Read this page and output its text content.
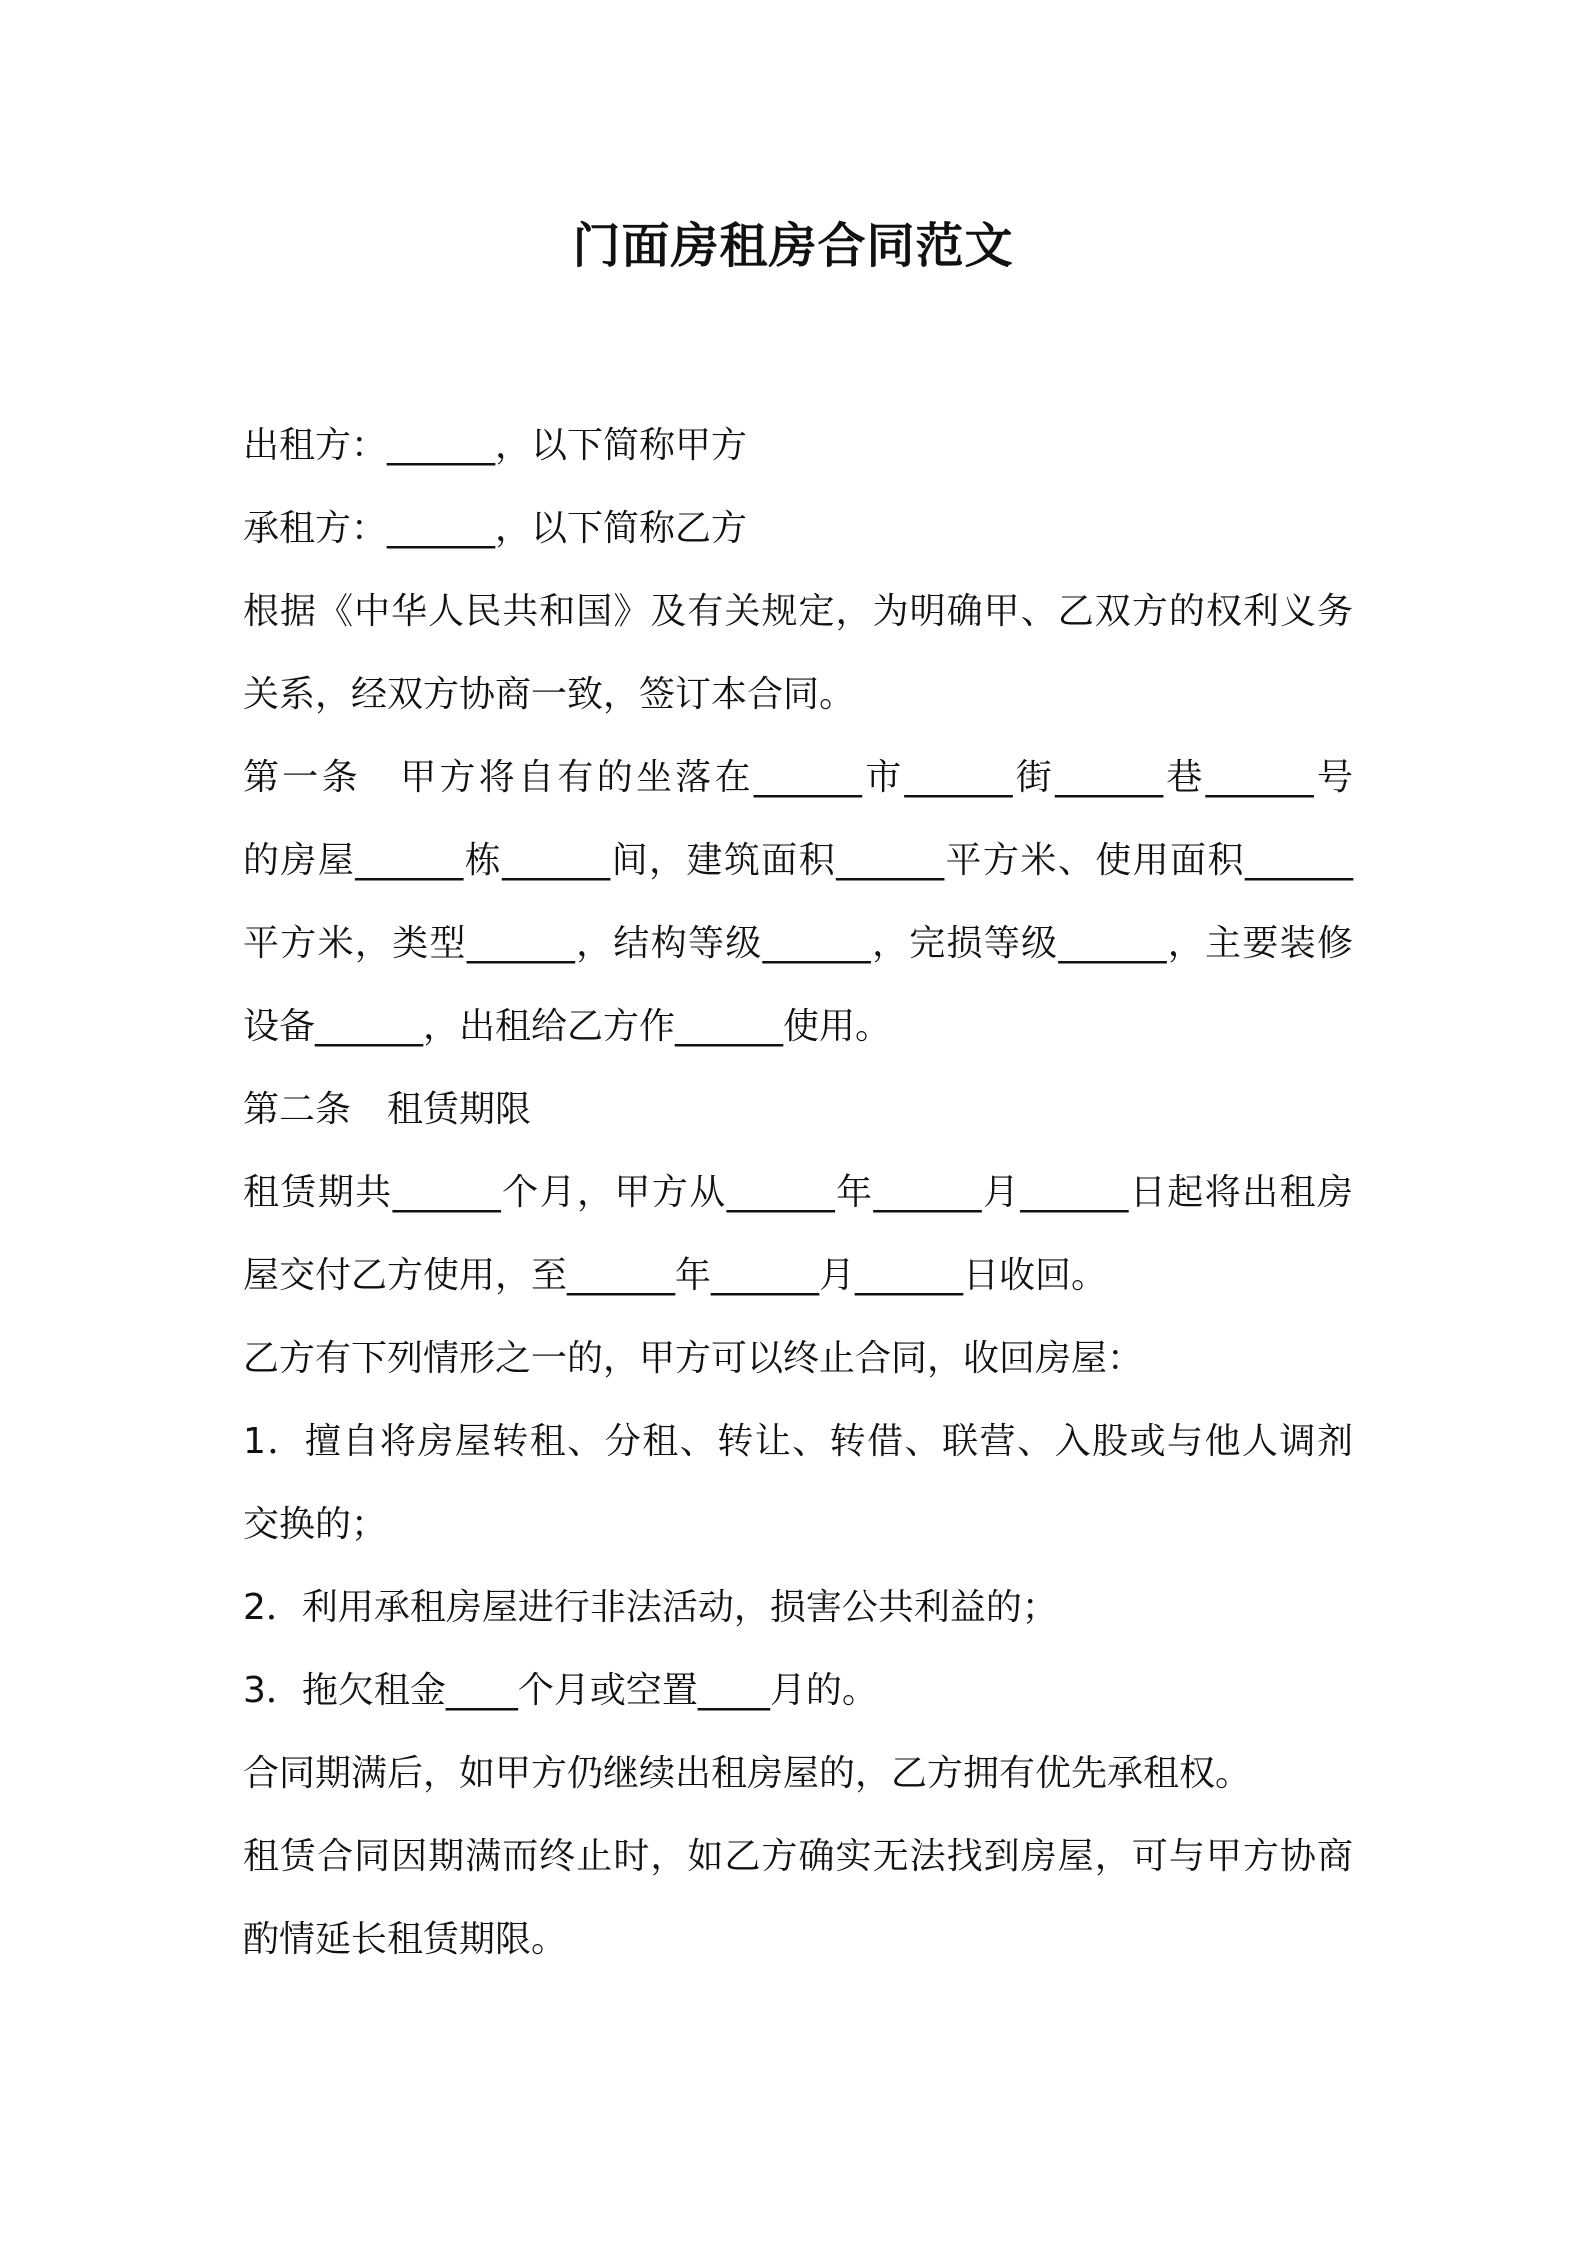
门面房租房合同范文
出租方：______，以下简称甲方
承租方：______，以下简称乙方
根据《中华人民共和国》及有关规定，为明确甲、乙双方的权利义务
关系，经双方协商一致，签订本合同。
第一条　甲方将自有的坐落在______市______街______巷______号
的房屋______栋______间，建筑面积______平方米、使用面积______
平方米，类型______，结构等级______，完损等级______，主要装修
设备______，出租给乙方作______使用。
第二条　租赁期限
租赁期共______个月，甲方从______年______月______日起将出租房
屋交付乙方使用，至______年______月______日收回。
乙方有下列情形之一的，甲方可以终止合同，收回房屋：
1．擅自将房屋转租、分租、转让、转借、联营、入股或与他人调剂
交换的；
2．利用承租房屋进行非法活动，损害公共利益的；
3．拖欠租金____个月或空置____月的。
合同期满后，如甲方仍继续出租房屋的，乙方拥有优先承租权。
租赁合同因期满而终止时，如乙方确实无法找到房屋，可与甲方协商
酌情延长租赁期限。
